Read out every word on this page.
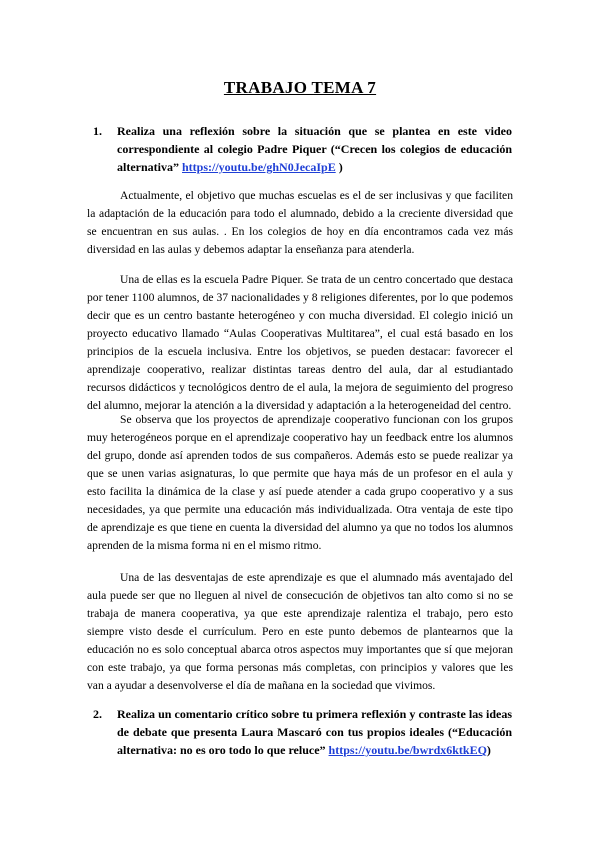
TRABAJO TEMA 7
1. Realiza una reflexión sobre la situación que se plantea en este video correspondiente al colegio Padre Piquer (“Crecen los colegios de educación alternativa” https://youtu.be/ghN0JecaIpE )

Actualmente, el objetivo que muchas escuelas es el de ser inclusivas y que faciliten la adaptación de la educación para todo el alumnado, debido a la creciente diversidad que se encuentran en sus aulas. . En los colegios de hoy en día encontramos cada vez más diversidad en las aulas y debemos adaptar la enseñanza para atenderla.

Una de ellas es la escuela Padre Piquer. Se trata de un centro concertado que destaca por tener 1100 alumnos, de 37 nacionalidades y 8 religiones diferentes, por lo que podemos decir que es un centro bastante heterogéneo y con mucha diversidad. El colegio inició un proyecto educativo llamado “Aulas Cooperativas Multitarea”, el cual está basado en los principios de la escuela inclusiva. Entre los objetivos, se pueden destacar: favorecer el aprendizaje cooperativo, realizar distintas tareas dentro del aula, dar al estudiantado recursos didácticos y tecnológicos dentro de el aula, la mejora de seguimiento del progreso del alumno, mejorar la atención a la diversidad y adaptación a la heterogeneidad del centro.

Se observa que los proyectos de aprendizaje cooperativo funcionan con los grupos muy heterogéneos porque en el aprendizaje cooperativo hay un feedback entre los alumnos del grupo, donde así aprenden todos de sus compañeros. Además esto se puede realizar ya que se unen varias asignaturas, lo que permite que haya más de un profesor en el aula y esto facilita la dinámica de la clase y así puede atender a cada grupo cooperativo y a sus necesidades, ya que permite una educación más individualizada. Otra ventaja de este tipo de aprendizaje es que tiene en cuenta la diversidad del alumno ya que no todos los alumnos aprenden de la misma forma ni en el mismo ritmo.

Una de las desventajas de este aprendizaje es que el alumnado más aventajado del aula puede ser que no lleguen al nivel de consecución de objetivos tan alto como si no se trabaja de manera cooperativa, ya que este aprendizaje ralentiza el trabajo, pero esto siempre visto desde el currículum. Pero en este punto debemos de plantearnos que la educación no es solo conceptual abarca otros aspectos muy importantes que sí que mejoran con este trabajo, ya que forma personas más completas, con principios y valores que les van a ayudar a desenvolverse el día de mañana en la sociedad que vivimos.

2. Realiza un comentario crítico sobre tu primera reflexión y contraste las ideas de debate que presenta Laura Mascaró con tus propios ideales (“Educación alternativa: no es oro todo lo que reluce” https://youtu.be/bwrdx6ktkEQ)
